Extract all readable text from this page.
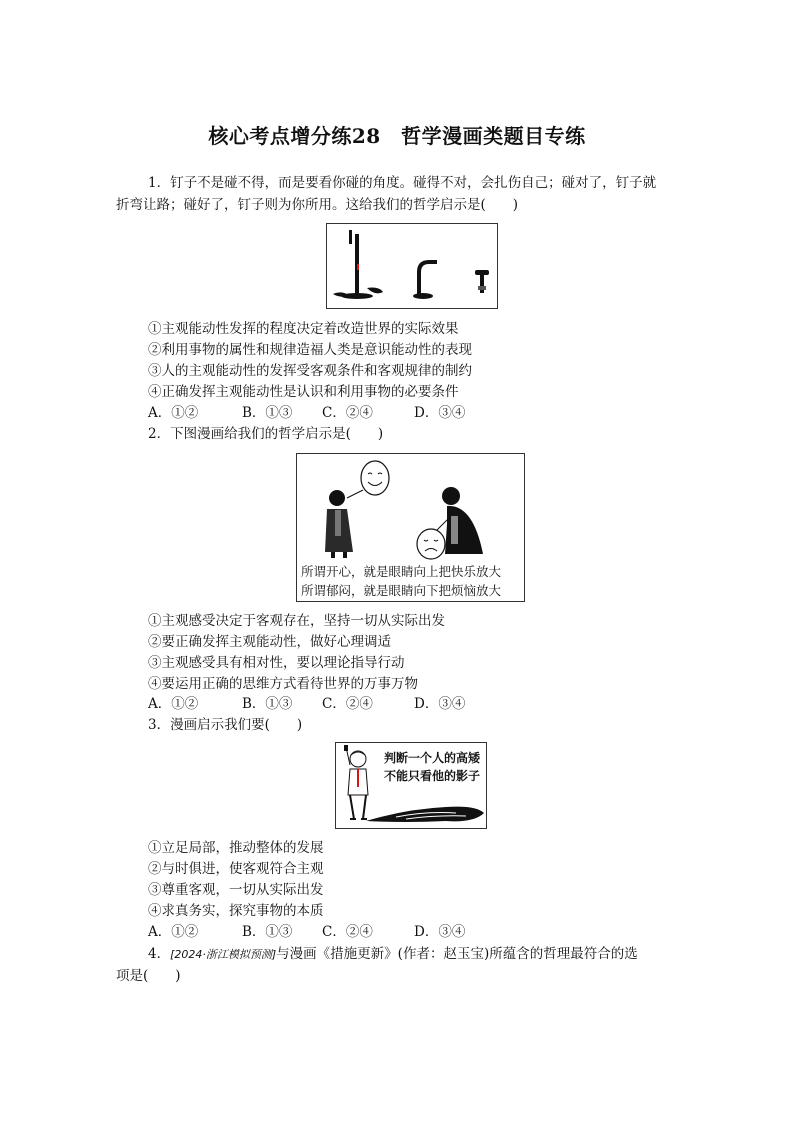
核心考点增分练28　哲学漫画类题目专练
1．钉子不是碰不得，而是要看你碰的角度。碰得不对，会扎伤自己；碰对了，钉子就
折弯让路；碰好了，钉子则为你所用。这给我们的哲学启示是(　　)
①主观能动性发挥的程度决定着改造世界的实际效果
②利用事物的属性和规律造福人类是意识能动性的表现
③人的主观能动性的发挥受客观条件和客观规律的制约
④正确发挥主观能动性是认识和利用事物的必要条件
A．①②	B．①③ C．②④	D．③④
2．下图漫画给我们的哲学启示是(　　)
所谓开心，就是眼睛向上把快乐放大
所谓郁闷，就是眼睛向下把烦恼放大
①主观感受决定于客观存在，坚持一切从实际出发
②要正确发挥主观能动性，做好心理调适
③主观感受具有相对性，要以理论指导行动
④要运用正确的思维方式看待世界的万事万物
A．①②	B．①③ C．②④	D．③④
3．漫画启示我们要(　　)
判断一个人的高矮
不能只看他的影子
①立足局部，推动整体的发展
②与时俱进，使客观符合主观
③尊重客观，一切从实际出发
④求真务实，探究事物的本质
A．①②	B．①③ C．②④	D．③④
4．[2024·浙江模拟预测]与漫画《措施更新》(作者：赵玉宝)所蕴含的哲理最符合的选
项是(　　)
